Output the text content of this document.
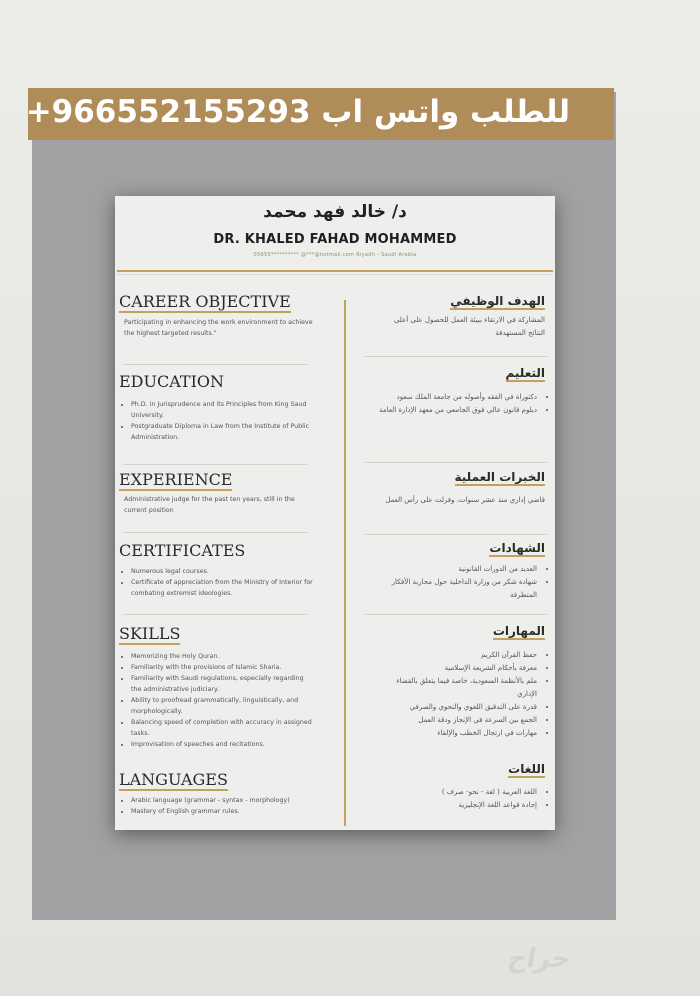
للطلب واتس اب 966552155293+
د/ خالد فهد محمد
DR. KHALED FAHAD MOHAMMED
05655********** @***@hotmail.com Riyadh - Saudi Arabia
CAREER OBJECTIVE
Participating in enhancing the work environment to achieve the highest targeted results."
EDUCATION
• Ph.D. in Jurisprudence and its Principles from King Saud University.
• Postgraduate Diploma in Law from the Institute of Public Administration.
EXPERIENCE
Administrative judge for the past ten years, still in the current position
CERTIFICATES
• Numerous legal courses.
• Certificate of appreciation from the Ministry of Interior for combating extremist ideologies.
SKILLS
• Memorizing the Holy Quran.
• Familiarity with the provisions of Islamic Sharia.
• Familiarity with Saudi regulations, especially regarding the administrative judiciary.
• Ability to proofread grammatically, linguistically, and morphologically.
• Balancing speed of completion with accuracy in assigned tasks.
• Improvisation of speeches and recitations.
LANGUAGES
• Arabic language (grammar - syntax - morphology)
• Mastery of English grammar rules.
الهدف الوظيفي
المشاركة في الارتقاء ببيئة العمل للحصول على أعلى النتائج المستهدفة
التعليم
• دكتوراة في الفقه وأصوله من جامعة الملك سعود
• دبلوم قانون عالي فوق الجامعي من معهد الإدارة العامة
الخبرات العملية
قاضي إداري منذ عشر سنوات، وفرلت على رأس العمل
الشهادات
• العديد من الدورات القانونية
• شهادة شكر من وزارة الداخلية حول محاربة الأفكار المتطرفة
المهارات
• حفظ القرآن الكريم
• معرفة بأحكام الشريعة الإسلامية
• ملم بالأنظمة السعودية، خاصة فيما يتعلق بالقضاء الإداري
• قدرة على التدقيق اللغوي والنحوي والصرفي
• الجمع بين السرعة في الإنجاز ودقة العمل
• مهارات في ارتجال الخطب والإلقاء
اللغات
• اللغة العربية ( لغة - نحو- صرف )
• إجادة قواعد اللغة الإنجليزية
حراج
